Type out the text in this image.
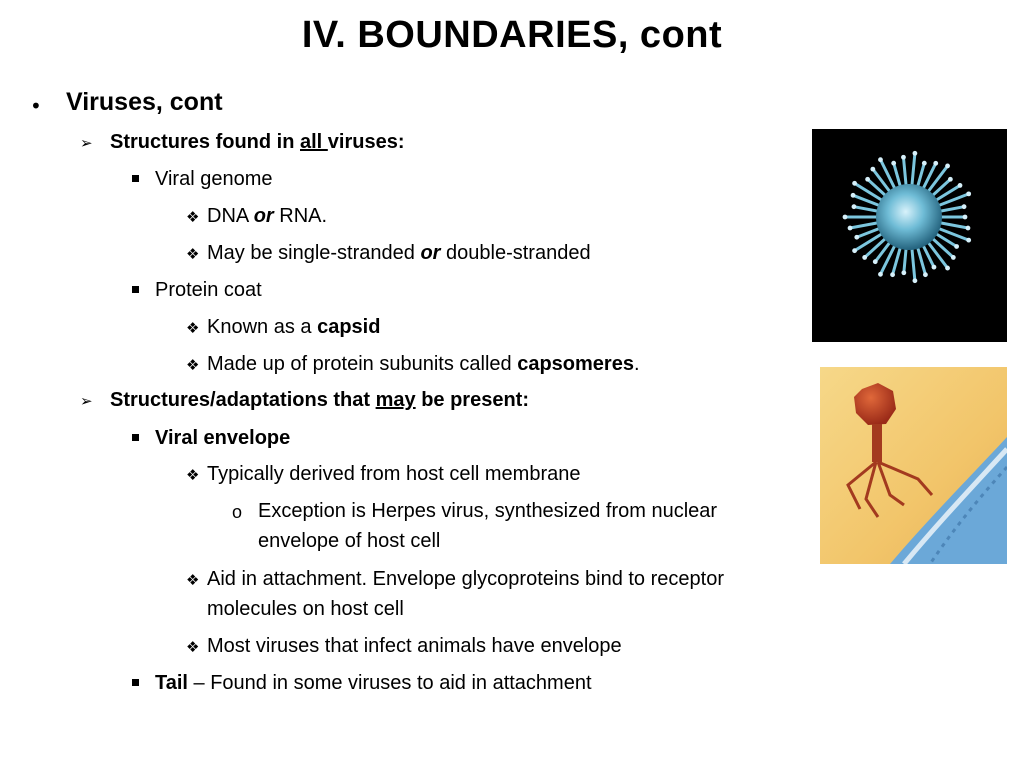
IV. BOUNDARIES, cont
• Viruses, cont
➢ Structures found in all viruses:
Viral genome
❖ DNA or RNA.
❖ May be single-stranded or double-stranded
Protein coat
❖ Known as a capsid
❖ Made up of protein subunits called capsomeres.
➢ Structures/adaptations that may be present:
Viral envelope
❖ Typically derived from host cell membrane
o Exception is Herpes virus, synthesized from nuclear
envelope of host cell
❖ Aid in attachment. Envelope glycoproteins bind to receptor
molecules on host cell
❖ Most viruses that infect animals have envelope
Tail – Found in some viruses to aid in attachment
